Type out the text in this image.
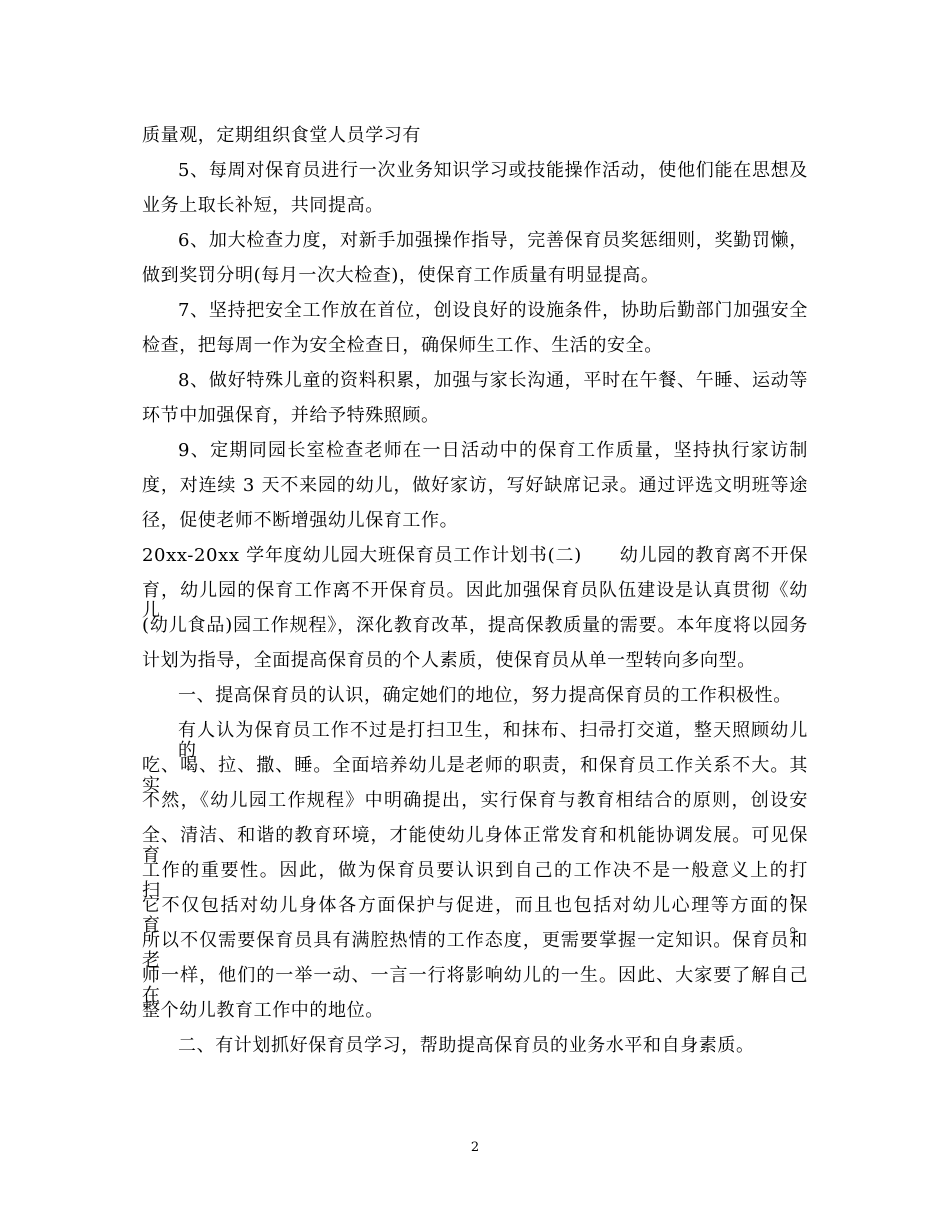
质量观，定期组织食堂人员学习有
5、每周对保育员进行一次业务知识学习或技能操作活动，使他们能在思想及
业务上取长补短，共同提高。
6、加大检查力度，对新手加强操作指导，完善保育员奖惩细则，奖勤罚懒，
做到奖罚分明(每月一次大检查)，使保育工作质量有明显提高。
7、坚持把安全工作放在首位，创设良好的设施条件，协助后勤部门加强安全
检查，把每周一作为安全检查日，确保师生工作、生活的安全。
8、做好特殊儿童的资料积累，加强与家长沟通，平时在午餐、午睡、运动等
环节中加强保育，并给予特殊照顾。
9、定期同园长室检查老师在一日活动中的保育工作质量，坚持执行家访制
度，对连续 3 天不来园的幼儿，做好家访，写好缺席记录。通过评选文明班等途
径，促使老师不断增强幼儿保育工作。
20xx-20xx 学年度幼儿园大班保育员工作计划书(二)　　幼儿园的教育离不开保
育，幼儿园的保育工作离不开保育员。因此加强保育员队伍建设是认真贯彻《幼儿
(幼儿食品)园工作规程》，深化教育改革，提高保教质量的需要。本年度将以园务
计划为指导，全面提高保育员的个人素质，使保育员从单一型转向多向型。
一、提高保育员的认识，确定她们的地位，努力提高保育员的工作积极性。
有人认为保育员工作不过是打扫卫生，和抹布、扫帚打交道，整天照顾幼儿的
吃、喝、拉、撒、睡。全面培养幼儿是老师的职责，和保育员工作关系不大。其实
不然，《幼儿园工作规程》中明确提出，实行保育与教育相结合的原则，创设安
全、清洁、和谐的教育环境，才能使幼儿身体正常发育和机能协调发展。可见保育
工作的重要性。因此，做为保育员要认识到自己的工作决不是一般意义上的打扫，
它不仅包括对幼儿身体各方面保护与促进，而且也包括对幼儿心理等方面的保育。
所以不仅需要保育员具有满腔热情的工作态度，更需要掌握一定知识。保育员和老
师一样，他们的一举一动、一言一行将影响幼儿的一生。因此、大家要了解自己在
整个幼儿教育工作中的地位。
二、有计划抓好保育员学习，帮助提高保育员的业务水平和自身素质。
2
